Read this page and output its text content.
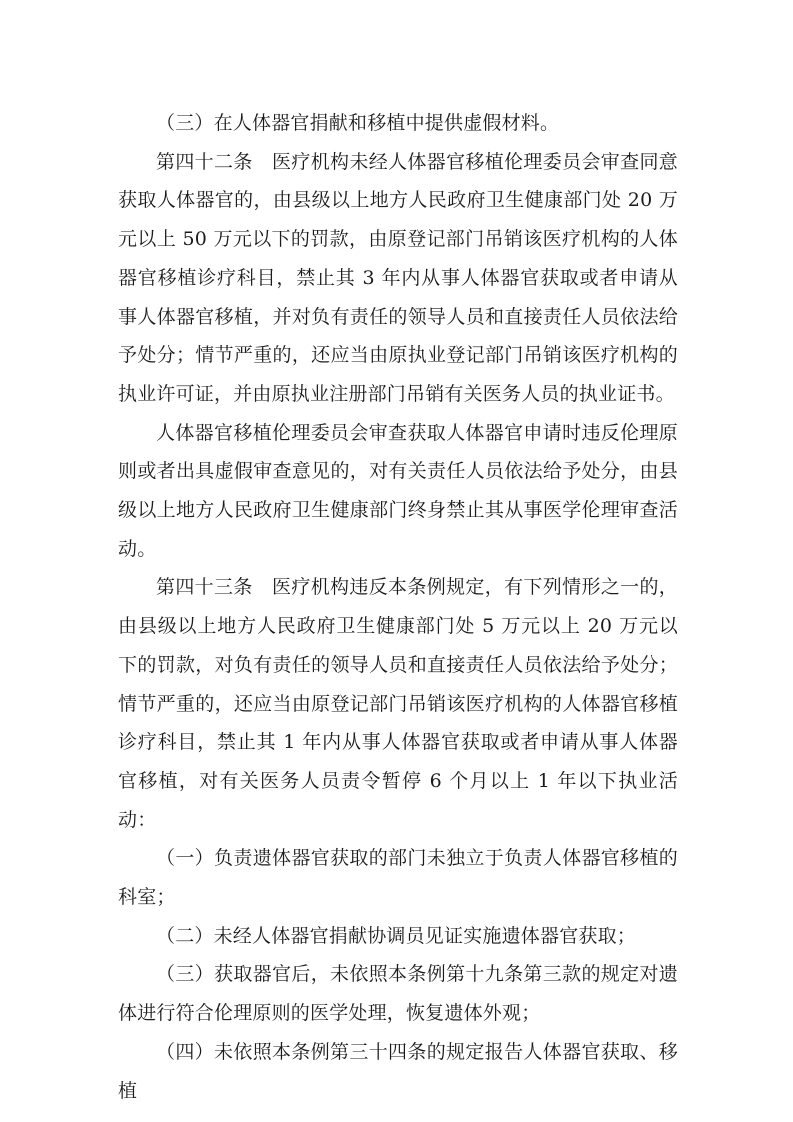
（三）在人体器官捐献和移植中提供虚假材料。

第四十二条　医疗机构未经人体器官移植伦理委员会审查同意获取人体器官的，由县级以上地方人民政府卫生健康部门处 20 万元以上 50 万元以下的罚款，由原登记部门吊销该医疗机构的人体器官移植诊疗科目，禁止其 3 年内从事人体器官获取或者申请从事人体器官移植，并对负有责任的领导人员和直接责任人员依法给予处分；情节严重的，还应当由原执业登记部门吊销该医疗机构的执业许可证，并由原执业注册部门吊销有关医务人员的执业证书。

人体器官移植伦理委员会审查获取人体器官申请时违反伦理原则或者出具虚假审查意见的，对有关责任人员依法给予处分，由县级以上地方人民政府卫生健康部门终身禁止其从事医学伦理审查活动。

第四十三条　医疗机构违反本条例规定，有下列情形之一的，由县级以上地方人民政府卫生健康部门处 5 万元以上 20 万元以下的罚款，对负有责任的领导人员和直接责任人员依法给予处分；情节严重的，还应当由原登记部门吊销该医疗机构的人体器官移植诊疗科目，禁止其 1 年内从事人体器官获取或者申请从事人体器官移植，对有关医务人员责令暂停 6 个月以上 1 年以下执业活动：

（一）负责遗体器官获取的部门未独立于负责人体器官移植的科室；

（二）未经人体器官捐献协调员见证实施遗体器官获取；

（三）获取器官后，未依照本条例第十九条第三款的规定对遗体进行符合伦理原则的医学处理，恢复遗体外观；

（四）未依照本条例第三十四条的规定报告人体器官获取、移植
